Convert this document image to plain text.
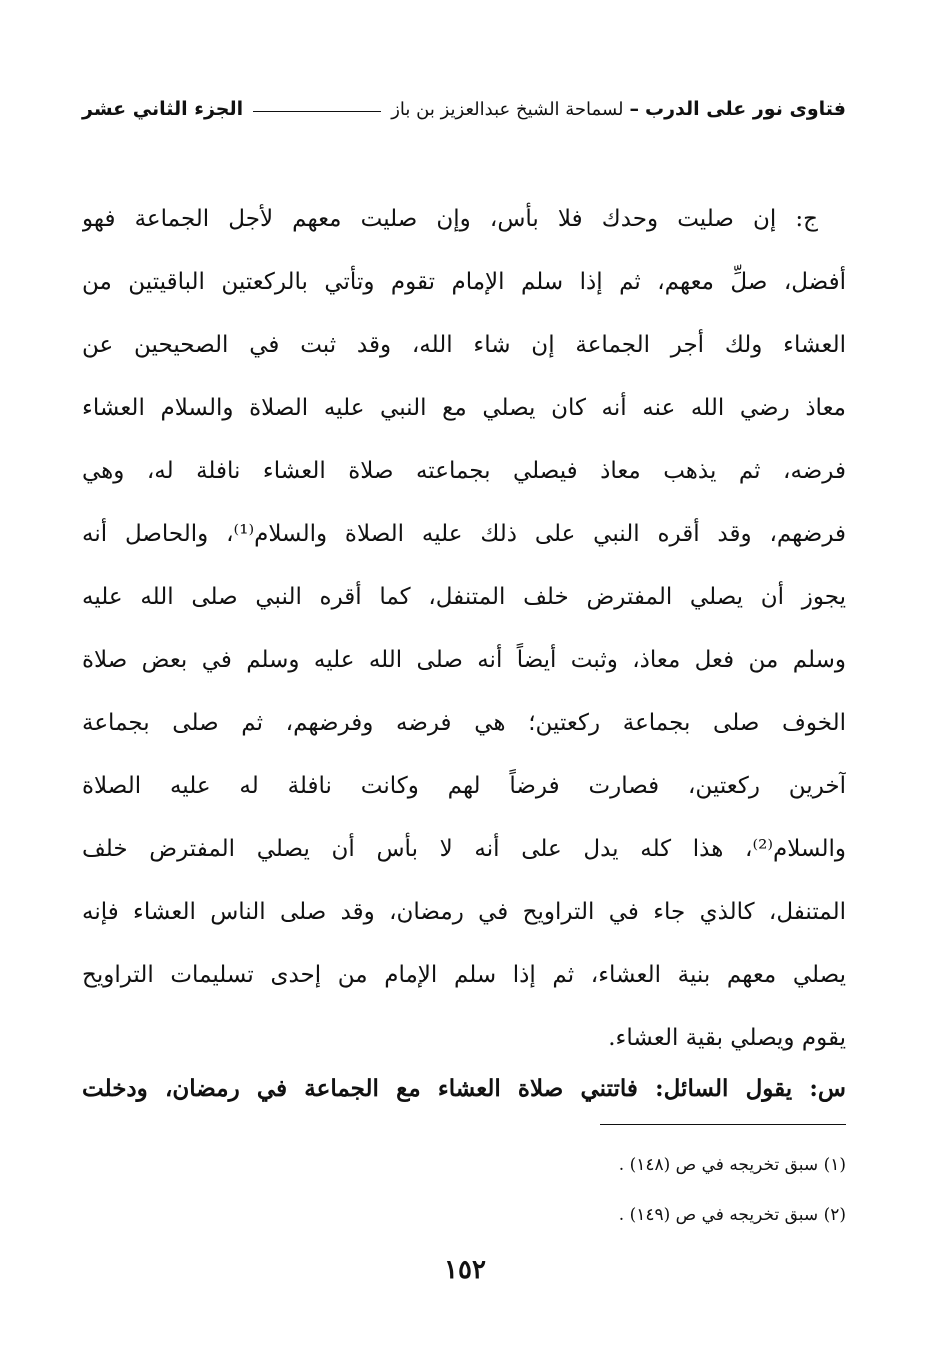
فتاوى نور على الدرب
–
لسماحة الشيخ عبدالعزيز بن باز
الجزء الثاني عشر
ج: إن صليت وحدك فلا بأس، وإن صليت معهم لأجل الجماعة فهو
أفضل، صلِّ معهم، ثم إذا سلم الإمام تقوم وتأتي بالركعتين الباقيتين من
العشاء ولك أجر الجماعة إن شاء الله، وقد ثبت في الصحيحين عن
معاذ رضي الله عنه أنه كان يصلي مع النبي عليه الصلاة والسلام العشاء
فرضه، ثم يذهب معاذ فيصلي بجماعته صلاة العشاء نافلة له، وهي
فرضهم، وقد أقره النبي على ذلك عليه الصلاة والسلام⁽¹⁾، والحاصل أنه
يجوز أن يصلي المفترض خلف المتنفل، كما أقره النبي صلى الله عليه
وسلم من فعل معاذ، وثبت أيضاً أنه صلى الله عليه وسلم في بعض صلاة
الخوف صلى بجماعة ركعتين؛ هي فرضه وفرضهم، ثم صلى بجماعة
آخرين ركعتين، فصارت فرضاً لهم وكانت نافلة له عليه الصلاة
والسلام⁽²⁾، هذا كله يدل على أنه لا بأس أن يصلي المفترض خلف
المتنفل، كالذي جاء في التراويح في رمضان، وقد صلى الناس العشاء فإنه
يصلي معهم بنية العشاء، ثم إذا سلم الإمام من إحدى تسليمات التراويح
يقوم ويصلي بقية العشاء.
س: يقول السائل: فاتتني صلاة العشاء مع الجماعة في رمضان، ودخلت
(١) سبق تخريجه في ص (١٤٨) .
(٢) سبق تخريجه في ص (١٤٩) .
١٥٢
